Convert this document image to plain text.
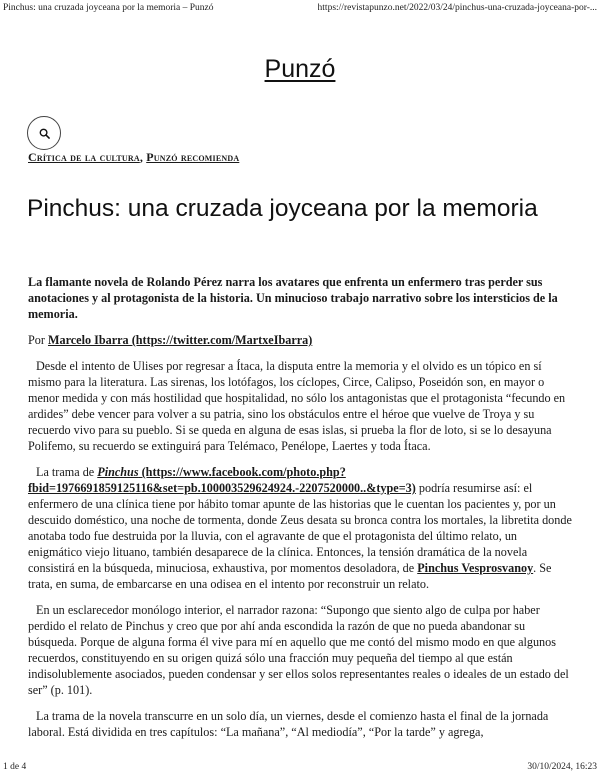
Pinchus: una cruzada joyceana por la memoria – Punzó	https://revistapunzo.net/2022/03/24/pinchus-una-cruzada-joyceana-por-...
Punzó
Crítica de la cultura, Punzó recomienda
Pinchus: una cruzada joyceana por la memoria

La flamante novela de Rolando Pérez narra los avatares que enfrenta un enfermero tras perder sus anotaciones y al protagonista de la historia. Un minucioso trabajo narrativo sobre los intersticios de la memoria.

Por Marcelo Ibarra (https://twitter.com/MartxeIbarra)

Desde el intento de Ulises por regresar a Ítaca, la disputa entre la memoria y el olvido es un tópico en sí mismo para la literatura. Las sirenas, los lotófagos, los cíclopes, Circe, Calipso, Poseidón son, en mayor o menor medida y con más hostilidad que hospitalidad, no sólo los antagonistas que el protagonista “fecundo en ardides” debe vencer para volver a su patria, sino los obstáculos entre el héroe que vuelve de Troya y su recuerdo vivo para su pueblo. Si se queda en alguna de esas islas, si prueba la flor de loto, si se lo desayuna Polifemo, su recuerdo se extinguirá para Telémaco, Penélope, Laertes y toda Ítaca.

La trama de Pinchus (https://www.facebook.com/photo.php?fbid=1976691859125116&set=pb.100003529624924.-2207520000..&type=3) podría resumirse así: el enfermero de una clínica tiene por hábito tomar apunte de las historias que le cuentan los pacientes y, por un descuido doméstico, una noche de tormenta, donde Zeus desata su bronca contra los mortales, la libretita donde anotaba todo fue destruida por la lluvia, con el agravante de que el protagonista del último relato, un enigmático viejo lituano, también desaparece de la clínica. Entonces, la tensión dramática de la novela consistirá en la búsqueda, minuciosa, exhaustiva, por momentos desoladora, de Pinchus Vesprosvanoy. Se trata, en suma, de embarcarse en una odisea en el intento por reconstruir un relato.

En un esclarecedor monólogo interior, el narrador razona: “Supongo que siento algo de culpa por haber perdido el relato de Pinchus y creo que por ahí anda escondida la razón de que no pueda abandonar su búsqueda. Porque de alguna forma él vive para mí en aquello que me contó del mismo modo en que algunos recuerdos, constituyendo en su origen quizá sólo una fracción muy pequeña del tiempo al que están indisolublemente asociados, pueden condensar y ser ellos solos representantes reales o ideales de un estado del ser” (p. 101).

La trama de la novela transcurre en un solo día, un viernes, desde el comienzo hasta el final de la jornada laboral. Está dividida en tres capítulos: “La mañana”, “Al mediodía”, “Por la tarde” y agrega,

1 de 4	30/10/2024, 16:23
